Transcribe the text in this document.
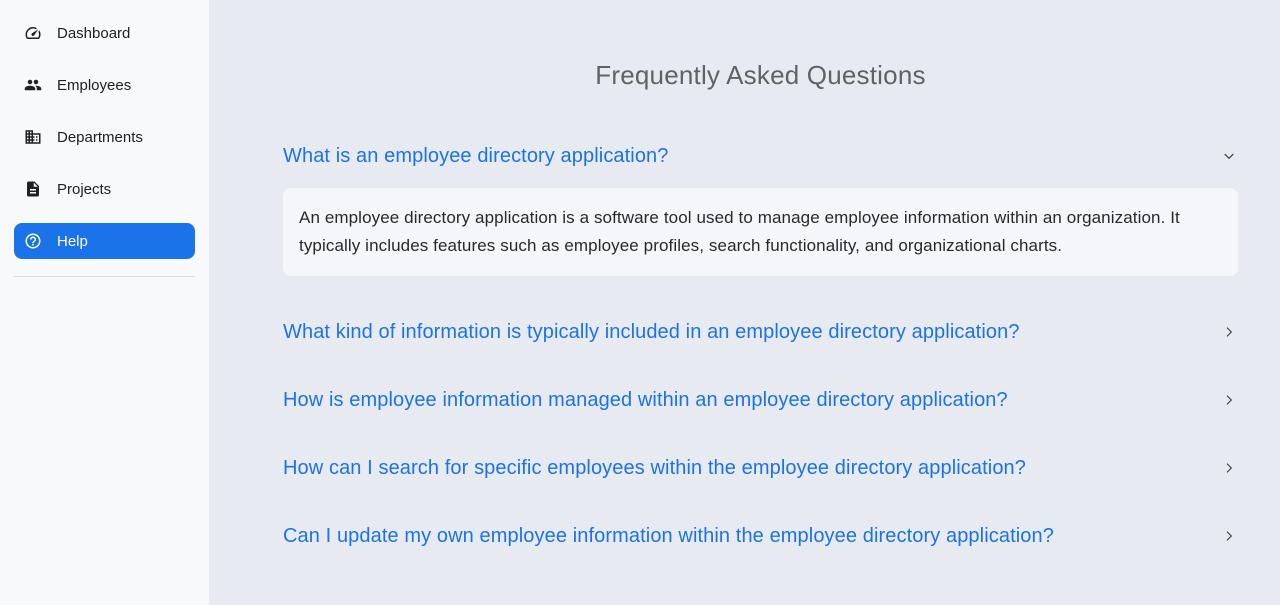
Dashboard
Employees
Departments
Projects
Help
Frequently Asked Questions
What is an employee directory application?

An employee directory application is a software tool used to manage employee information within an organization. It typically includes features such as employee profiles, search functionality, and organizational charts.

What kind of information is typically included in an employee directory application?
How is employee information managed within an employee directory application?
How can I search for specific employees within the employee directory application?
Can I update my own employee information within the employee directory application?
